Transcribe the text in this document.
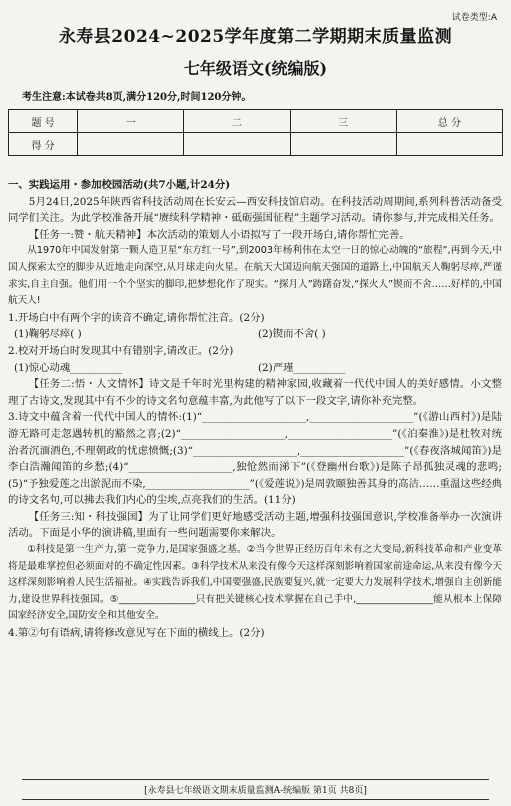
试卷类型:A
永寿县2024~2025学年度第二学期期末质量监测
七年级语文(统编版)
考生注意:本试卷共8页,满分120分,时间120分钟。
题 号	一	二	三	总 分
得 分				

一、实践运用・参加校园活动(共7小题,计24分)

5月24日,2025年陕西省科技活动周在长安云—西安科技馆启动。在科技活动周期间,系列科普活动备受同学们关注。为此学校准备开展“赓续科学精神・砥砺强国征程”主题学习活动。请你参与,并完成相关任务。

【任务一:赞・航天精神】本次活动的策划人小语拟写了一段开场白,请你帮忙完善。

从1970年中国发射第一颗人造卫星“东方红一号”,到2003年杨利伟在太空一日的惊心动魄的“旅程”,再到今天,中国人探索太空的脚步从近地走向深空,从月球走向火星。在航天大国迈向航天强国的道路上,中国航天人鞠躬尽瘁,严谨求实,自主自强。他们用一个个坚实的脚印,把梦想化作了现实。“探月人”踌躇奋发,“探火人”锲而不舍……好样的,中国航天人!

1.开场白中有两个字的读音不确定,请你帮忙注音。(2分)

(1)鞠躬尽瘁( )	(2)锲而不舍( )

2.校对开场白时发现其中有错别字,请改正。(2分)

(1)惊心动魂__________	(2)严瑾__________

【任务二:悟・人文情怀】诗文是千年时光里构建的精神家园,收藏着一代代中国人的美好感情。小文整理了古诗文,发现其中有不少的诗文名句意蕴丰富,为此他写了以下一段文字,请你补充完整。

3.诗文中蕴含着一代代中国人的情怀:(1)“____________________,____________________”(《游山西村》)是陆游无路可走忽遇转机的豁然之喜;(2)“____________________,____________________”(《泊秦淮》)是杜牧对统治者沉湎酒色,不理朝政的忧虑愤慨;(3)“____________________,____________________”(《春夜洛城闻笛》)是李白浩瀚闻笛的乡愁;(4)“____________________,独怆然而涕下”(《登幽州台歌》)是陈子昂孤独灵魂的悲鸣;(5)“予独爱莲之出淤泥而不染,____________________”(《爱莲说》)是周敦颐独善其身的高洁……重温这些经典的诗文名句,可以拂去我们内心的尘埃,点亮我们的生活。(11分)

【任务三:知・科技强国】为了让同学们更好地感受活动主题,增强科技强国意识,学校准备举办一次演讲活动。下面是小华的演讲稿,里面有一些问题需要你来解决。

①科技是第一生产力,第一竞争力,是国家强盛之基。②当今世界正经历百年未有之大变局,新科技革命和产业变革将是最难掌控但必须面对的不确定性因素。③科学技术从来没有像今天这样深刻影响着国家前途命运,从来没有像今天这样深刻影响着人民生活福祉。④实践告诉我们,中国要强盛,民族要复兴,就一定要大力发展科学技术,增强自主创新能力,建设世界科技强国。⑤________________只有把关键核心技术掌握在自己手中,________________能从根本上保障国家经济安全,国防安全和其他安全。

4.第②句有语病,请将修改意见写在下面的横线上。(2分)

[永寿县七年级语文期末质量监测A-统编版 第1页 共8页]
